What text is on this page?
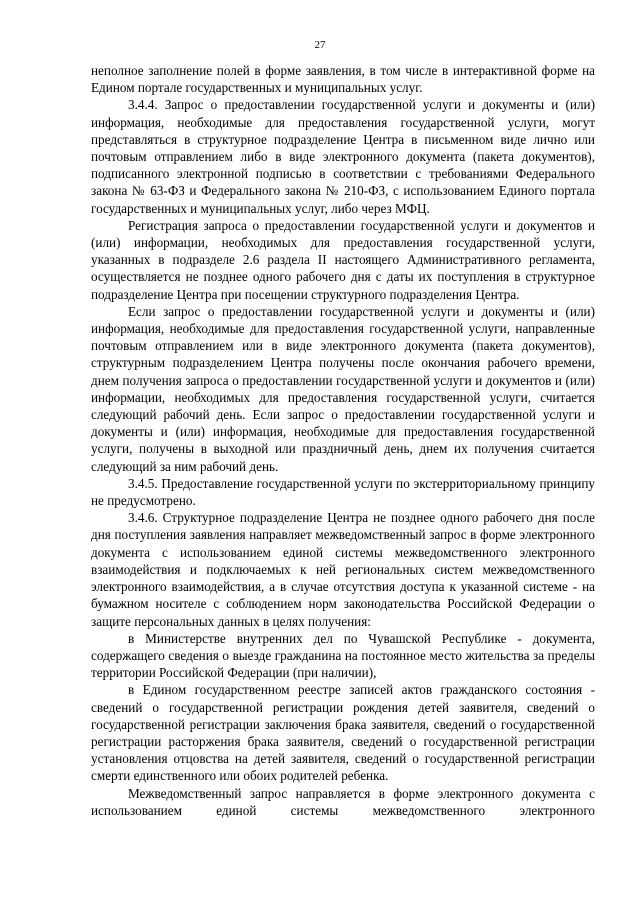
27

неполное заполнение полей в форме заявления, в том числе в интерактивной форме на Едином портале государственных и муниципальных услуг.

3.4.4. Запрос о предоставлении государственной услуги и документы и (или) информация, необходимые для предоставления государственной услуги, могут представляться в структурное подразделение Центра в письменном виде лично или почтовым отправлением либо в виде электронного документа (пакета документов), подписанного электронной подписью в соответствии с требованиями Федерального закона № 63-ФЗ и Федерального закона № 210-ФЗ, с использованием Единого портала государственных и муниципальных услуг, либо через МФЦ.

Регистрация запроса о предоставлении государственной услуги и документов и (или) информации, необходимых для предоставления государственной услуги, указанных в подразделе 2.6 раздела II настоящего Административного регламента, осуществляется не позднее одного рабочего дня с даты их поступления в структурное подразделение Центра при посещении структурного подразделения Центра.

Если запрос о предоставлении государственной услуги и документы и (или) информация, необходимые для предоставления государственной услуги, направленные почтовым отправлением или в виде электронного документа (пакета документов), структурным подразделением Центра получены после окончания рабочего времени, днем получения запроса о предоставлении государственной услуги и документов и (или) информации, необходимых для предоставления государственной услуги, считается следующий рабочий день. Если запрос о предоставлении государственной услуги и документы и (или) информация, необходимые для предоставления государственной услуги, получены в выходной или праздничный день, днем их получения считается следующий за ним рабочий день.

3.4.5. Предоставление государственной услуги по экстерриториальному принципу не предусмотрено.

3.4.6. Структурное подразделение Центра не позднее одного рабочего дня после дня поступления заявления направляет межведомственный запрос в форме электронного документа с использованием единой системы межведомственного электронного взаимодействия и подключаемых к ней региональных систем межведомственного электронного взаимодействия, а в случае отсутствия доступа к указанной системе - на бумажном носителе с соблюдением норм законодательства Российской Федерации о защите персональных данных в целях получения:

в Министерстве внутренних дел по Чувашской Республике - документа, содержащего сведения о выезде гражданина на постоянное место жительства за пределы территории Российской Федерации (при наличии),

в Едином государственном реестре записей актов гражданского состояния - сведений о государственной регистрации рождения детей заявителя, сведений о государственной регистрации заключения брака заявителя, сведений о государственной регистрации расторжения брака заявителя, сведений о государственной регистрации установления отцовства на детей заявителя, сведений о государственной регистрации смерти единственного или обоих родителей ребенка.

Межведомственный запрос направляется в форме электронного документа с использованием единой системы межведомственного электронного
